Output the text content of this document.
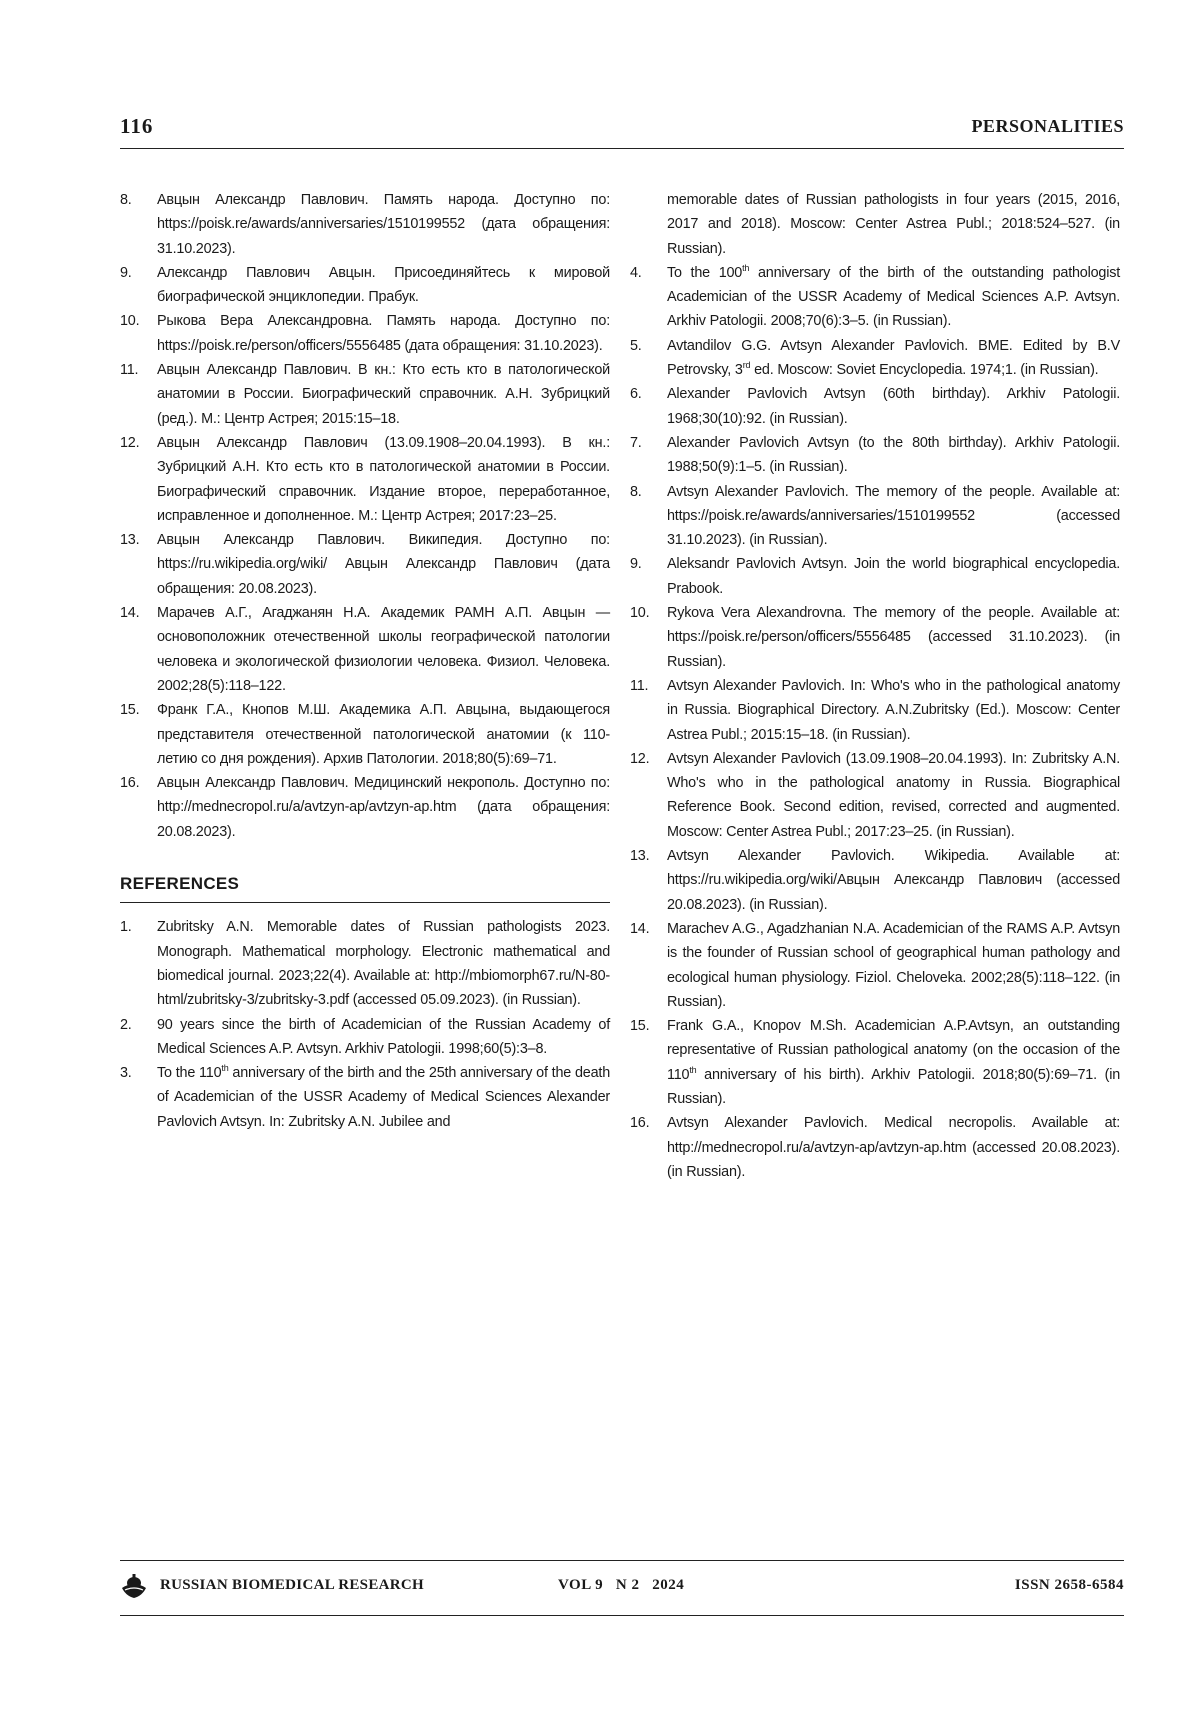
116	PERSONALITIES
8.	Авцын Александр Павлович. Память народа. Доступно по: https://poisk.re/awards/anniversaries/1510199552 (дата обращения: 31.10.2023).
9.	Александр Павлович Авцын. Присоединяйтесь к мировой биографической энциклопедии. Прабук.
10.	Рыкова Вера Александровна. Память народа. Доступно по: https://poisk.re/person/officers/5556485 (дата обращения: 31.10.2023).
11.	Авцын Александр Павлович. В кн.: Кто есть кто в патологической анатомии в России. Биографический справочник. А.Н. Зубрицкий (ред.). М.: Центр Астрея; 2015:15–18.
12.	Авцын Александр Павлович (13.09.1908–20.04.1993). В кн.: Зубрицкий А.Н. Кто есть кто в патологической анатомии в России. Биографический справочник. Издание второе, переработанное, исправленное и дополненное. М.: Центр Астрея; 2017:23–25.
13.	Авцын Александр Павлович. Википедия. Доступно по: https://ru.wikipedia.org/wiki/ Авцын Александр Павлович (дата обращения: 20.08.2023).
14.	Марачев А.Г., Агаджанян Н.А. Академик РАМН А.П. Авцын — основоположник отечественной школы географической патологии человека и экологической физиологии человека. Физиол. Человека. 2002;28(5):118–122.
15.	Франк Г.А., Кнопов М.Ш. Академика А.П. Авцына, выдающегося представителя отечественной патологической анатомии (к 110-летию со дня рождения). Архив Патологии. 2018;80(5):69–71.
16.	Авцын Александр Павлович. Медицинский некрополь. Доступно по: http://mednecropol.ru/a/avtzyn-ap/avtzyn-ap.htm (дата обращения: 20.08.2023).
REFERENCES
1.	Zubritsky A.N. Memorable dates of Russian pathologists 2023. Monograph. Mathematical morphology. Electronic mathematical and biomedical journal. 2023;22(4). Available at: http://mbiomorph67.ru/N-80-html/zubritsky-3/zubritsky-3.pdf (accessed 05.09.2023). (in Russian).
2.	90 years since the birth of Academician of the Russian Academy of Medical Sciences A.P. Avtsyn. Arkhiv Patologii. 1998;60(5):3–8.
3.	To the 110th anniversary of the birth and the 25th anniversary of the death of Academician of the USSR Academy of Medical Sciences Alexander Pavlovich Avtsyn. In: Zubritsky A.N. Jubilee and
memorable dates of Russian pathologists in four years (2015, 2016, 2017 and 2018). Moscow: Center Astrea Publ.; 2018:524–527. (in Russian).
4.	To the 100th anniversary of the birth of the outstanding pathologist Academician of the USSR Academy of Medical Sciences A.P. Avtsyn. Arkhiv Patologii. 2008;70(6):3–5. (in Russian).
5.	Avtandilov G.G. Avtsyn Alexander Pavlovich. BME. Edited by B.V Petrovsky, 3rd ed. Moscow: Soviet Encyclopedia. 1974;1. (in Russian).
6.	Alexander Pavlovich Avtsyn (60th birthday). Arkhiv Patologii. 1968;30(10):92. (in Russian).
7.	Alexander Pavlovich Avtsyn (to the 80th birthday). Arkhiv Patologii. 1988;50(9):1–5. (in Russian).
8.	Avtsyn Alexander Pavlovich. The memory of the people. Available at: https://poisk.re/awards/anniversaries/1510199552 (accessed 31.10.2023). (in Russian).
9.	Aleksandr Pavlovich Avtsyn. Join the world biographical encyclopedia. Prabook.
10.	Rykova Vera Alexandrovna. The memory of the people. Available at: https://poisk.re/person/officers/5556485 (accessed 31.10.2023). (in Russian).
11.	Avtsyn Alexander Pavlovich. In: Who's who in the pathological anatomy in Russia. Biographical Directory. A.N.Zubritsky (Ed.). Moscow: Center Astrea Publ.; 2015:15–18. (in Russian).
12.	Avtsyn Alexander Pavlovich (13.09.1908–20.04.1993). In: Zubritsky A.N. Who's who in the pathological anatomy in Russia. Biographical Reference Book. Second edition, revised, corrected and augmented. Moscow: Center Astrea Publ.; 2017:23–25. (in Russian).
13.	Avtsyn Alexander Pavlovich. Wikipedia. Available at: https://ru.wikipedia.org/wiki/Авцын Александр Павлович (accessed 20.08.2023). (in Russian).
14.	Marachev A.G., Agadzhanian N.A. Academician of the RAMS A.P. Avtsyn is the founder of Russian school of geographical human pathology and ecological human physiology. Fiziol. Cheloveka. 2002;28(5):118–122. (in Russian).
15.	Frank G.A., Knopov M.Sh. Academician A.P.Avtsyn, an outstanding representative of Russian pathological anatomy (on the occasion of the 110th anniversary of his birth). Arkhiv Patologii. 2018;80(5):69–71. (in Russian).
16.	Avtsyn Alexander Pavlovich. Medical necropolis. Available at: http://mednecropol.ru/a/avtzyn-ap/avtzyn-ap.htm (accessed 20.08.2023). (in Russian).
RUSSIAN BIOMEDICAL RESEARCH	VOL 9   N 2   2024	ISSN 2658-6584
